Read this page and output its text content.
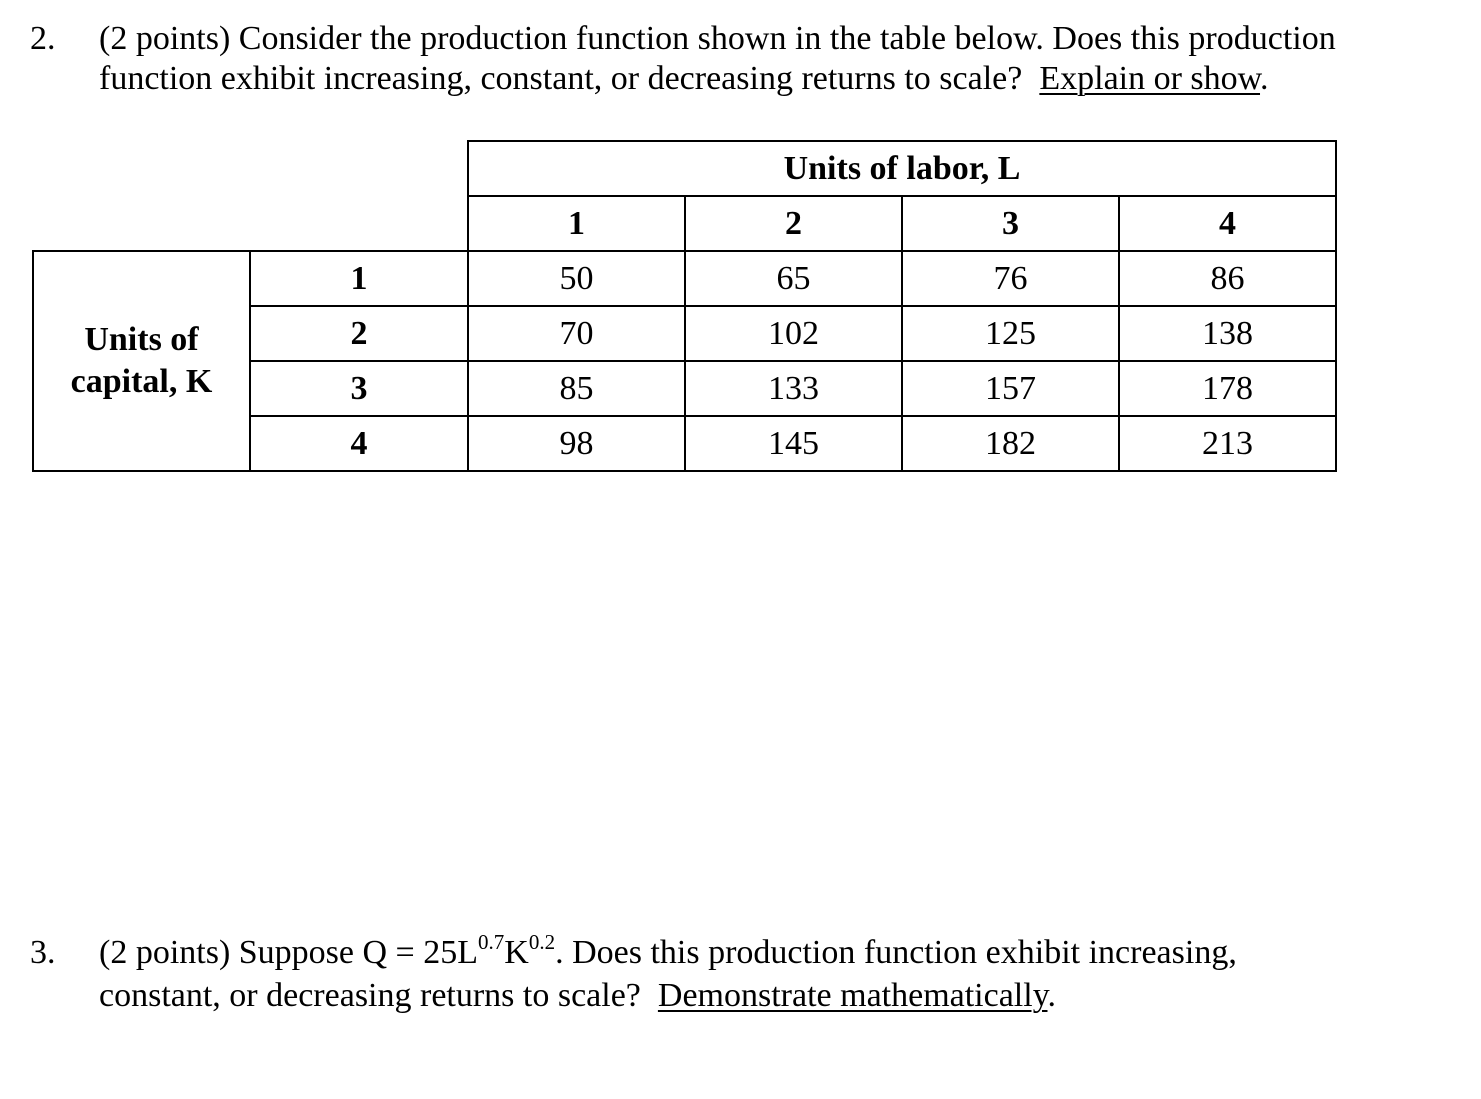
2. (2 points) Consider the production function shown in the table below. Does this production
function exhibit increasing, constant, or decreasing returns to scale? Explain or show.
		Units of labor, L			
		1	2	3	4

Units of
capital, K	1	50	65	76	86
	2	70	102	125	138
	3	85	133	157	178
	4	98	145	182	213
3. (2 points) Suppose $Q = 25L^{0.7}K^{0.2}$. Does this production function exhibit increasing,
constant, or decreasing returns to scale? Demonstrate mathematically.
